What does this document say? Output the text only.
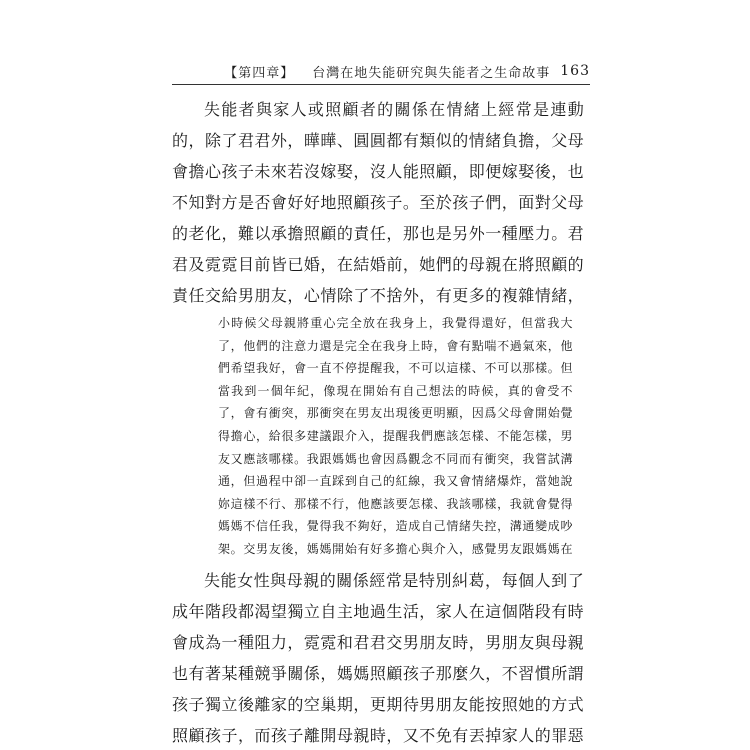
【第四章】 台灣在地失能研究與失能者之生命故事 163

失能者與家人或照顧者的關係在情緒上經常是連動的，除了君君外，曄曄、圓圓都有類似的情緒負擔，父母會擔心孩子未來若沒嫁娶，沒人能照顧，即便嫁娶後，也不知對方是否會好好地照顧孩子。至於孩子們，面對父母的老化，難以承擔照顧的責任，那也是另外一種壓力。君君及霓霓目前皆已婚，在結婚前，她們的母親在將照顧的責任交給男朋友，心情除了不捨外，有更多的複雜情緒，

小時候父母親將重心完全放在我身上，我覺得還好，但當我大了，他們的注意力還是完全在我身上時，會有點喘不過氣來，他們希望我好，會一直不停提醒我，不可以這樣、不可以那樣。但當我到一個年紀，像現在開始有自己想法的時候，真的會受不了，會有衝突，那衝突在男友出現後更明顯，因爲父母會開始覺得擔心，給很多建議跟介入，提醒我們應該怎樣、不能怎樣，男友又應該哪樣。我跟媽媽也會因爲觀念不同而有衝突，我嘗試溝通，但過程中卻一直踩到自己的紅線，我又會情緒爆炸，當她說妳這樣不行、那樣不行，他應該要怎樣、我該哪樣，我就會覺得媽媽不信任我，覺得我不夠好，造成自己情緒失控，溝通變成吵架。交男友後，媽媽開始有好多擔心與介入，感覺男友跟媽媽在

失能女性與母親的關係經常是特別糾葛，每個人到了成年階段都渴望獨立自主地過生活，家人在這個階段有時會成為一種阻力，霓霓和君君交男朋友時，男朋友與母親也有著某種競爭關係，媽媽照顧孩子那麼久，不習慣所謂孩子獨立後離家的空巢期，更期待男朋友能按照她的方式照顧孩子，而孩子離開母親時，又不免有丟掉家人的罪惡
